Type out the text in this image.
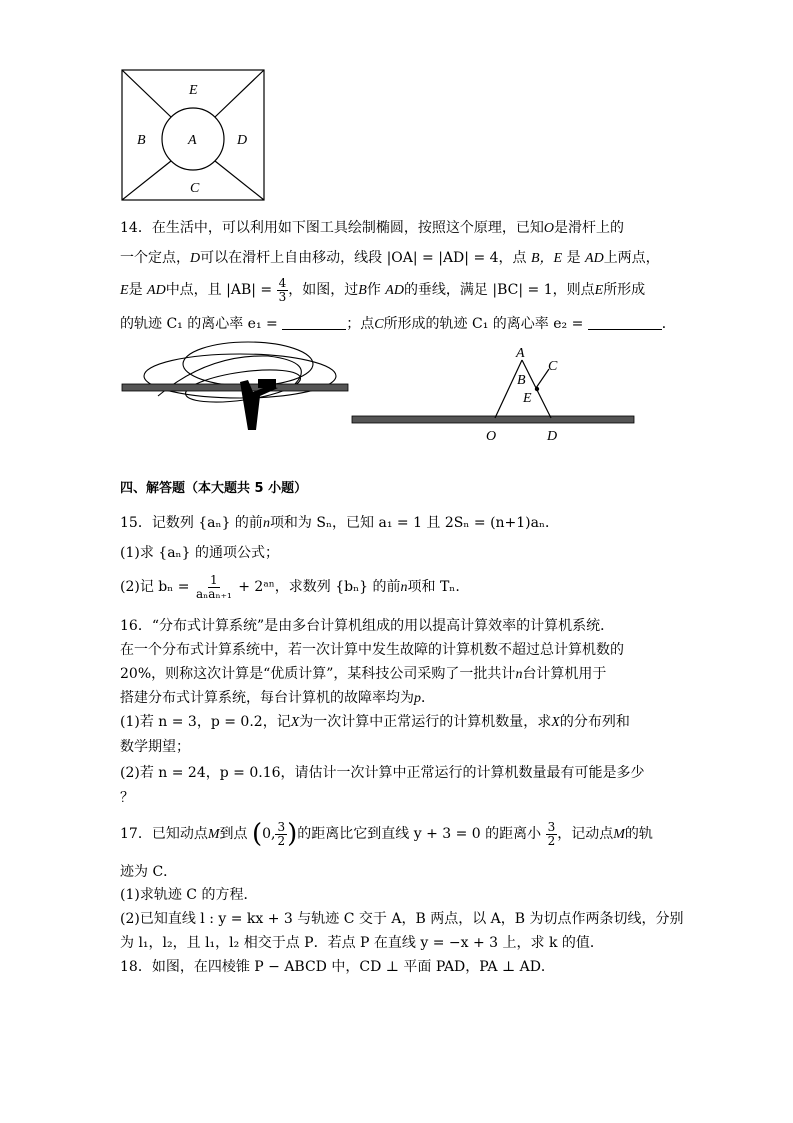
E
A
B	D
C
14．在生活中，可以利用如下图工具绘制椭圆，按照这个原理，已知O是滑杆上的
一个定点，D可以在滑杆上自由移动，线段 |OA| = |AD| = 4，点 B，E 是 AD上两点，
E是 AD中点，且 $|AB| = \frac{4}{3}$ ，如图，过B作 AD的垂线，满足 |BC| = 1，则点E所形成
的轨迹 C₁ 的离心率 e₁ =	；点C所形成的轨迹 C₁ 的离心率 e₂ =	．
A
C
B
E
O	D
四、解答题（本大题共 5 小题）
15．记数列 {aₙ} 的前n项和为 Sₙ，已知 a₁ = 1 且 2Sₙ = (n+1)aₙ．
(1)求 {aₙ} 的通项公式；
(2)记 $b_n = \frac{1}{\text{aₙaₙ₊₁}}$ + 2ᵃⁿ，求数列 {bₙ} 的前n项和 Tₙ.
16．“分布式计算系统”是由多台计算机组成的用以提高计算效率的计算机系统．
在一个分布式计算系统中，若一次计算中发生故障的计算机数不超过总计算机数的
20%，则称这次计算是“优质计算”，某科技公司采购了一批共计n台计算机用于
搭建分布式计算系统，每台计算机的故障率均为p．
(1)若 n = 3，p = 0.2，记X为一次计算中正常运行的计算机数量，求X的分布列和
数学期望；
(2)若 n = 24，p = 0.16，请估计一次计算中正常运行的计算机数量最有可能是多少
？
17．已知动点M到点 (0, $\frac{3}{2}$ )的距离比它到直线 y + 3 = 0 的距离小 $\frac{3}{2}$ ，记动点M的轨
迹为 C．
(1)求轨迹 C 的方程．
(2)已知直线 l : y = kx + 3 与轨迹 C 交于 A，B 两点，以 A，B 为切点作两条切线，分别
为 l₁，l₂，且 l₁，l₂ 相交于点 P．若点 P 在直线 y = −x + 3 上，求 k 的值．
18．如图，在四棱锥 P − ABCD 中，CD ⊥ 平面 PAD，PA ⊥ AD．
